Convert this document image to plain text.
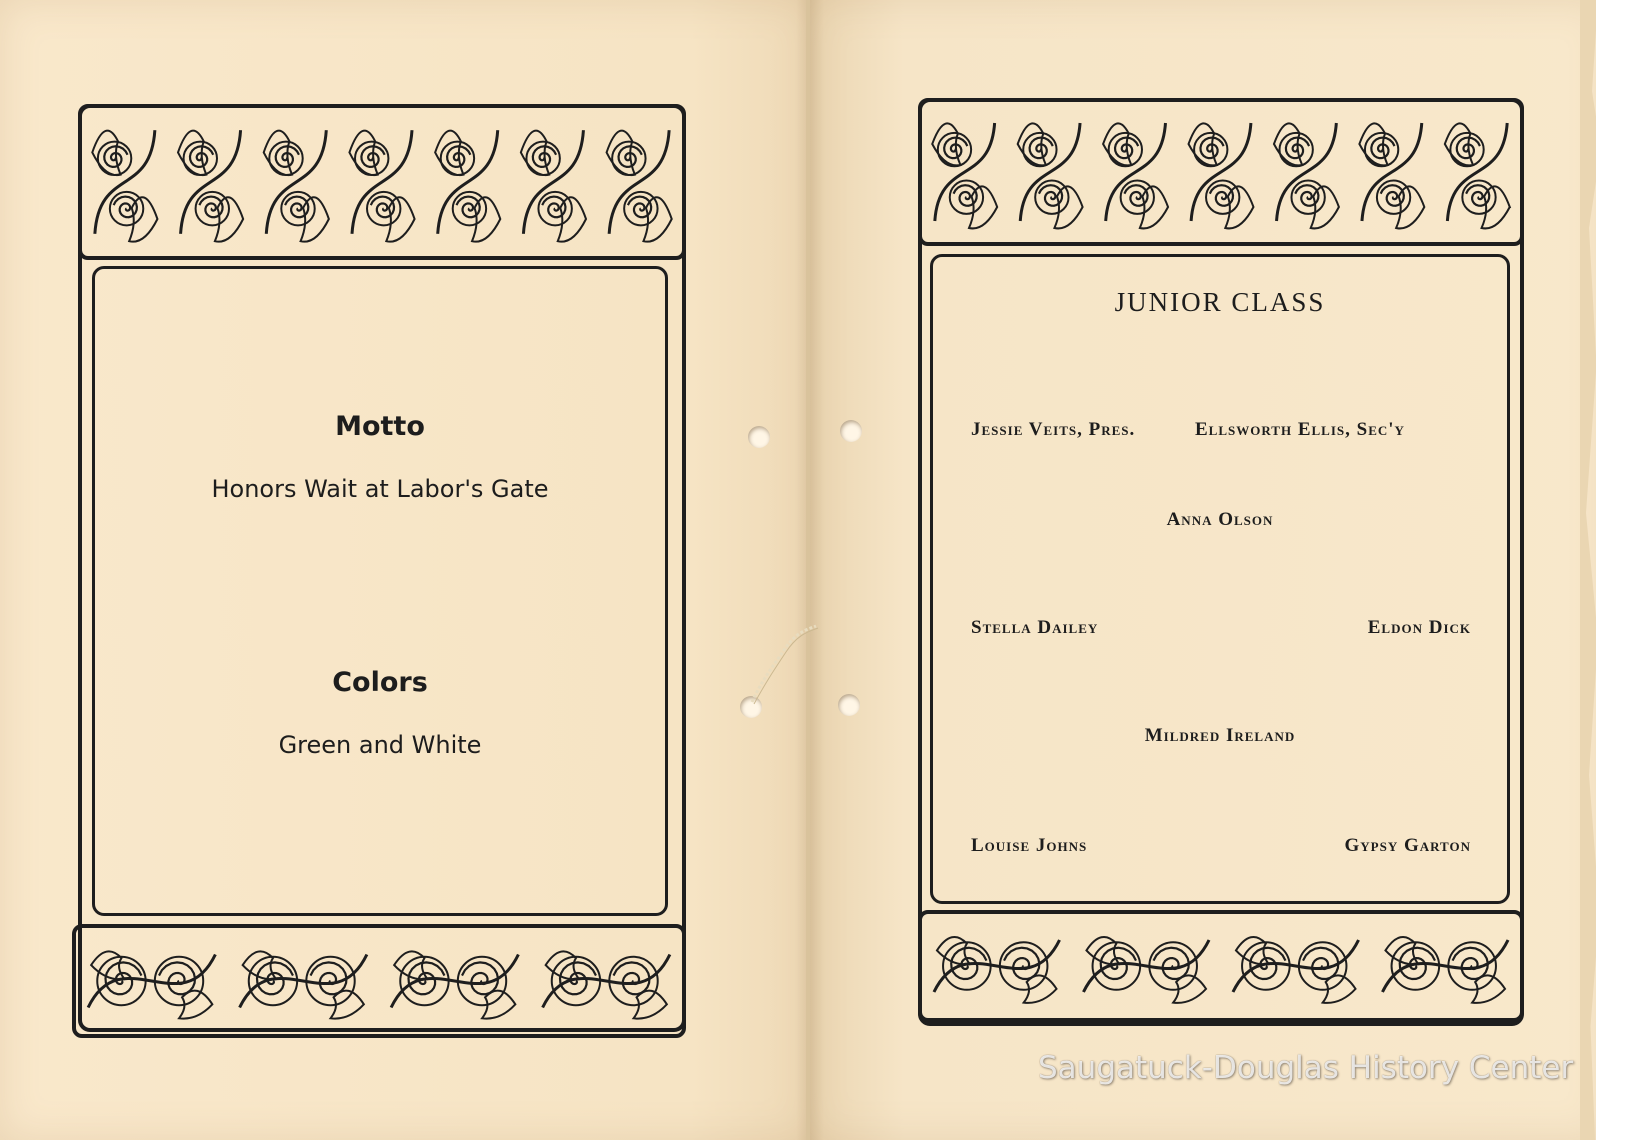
Motto
Honors Wait at Labor's Gate
Colors
Green and White
JUNIOR CLASS
Jessie Veits, Pres.	Ellsworth Ellis, Sec'y
Anna Olson
Stella Dailey	Eldon Dick
Mildred Ireland
Louise Johns	Gypsy Garton
Saugatuck-Douglas History Center
